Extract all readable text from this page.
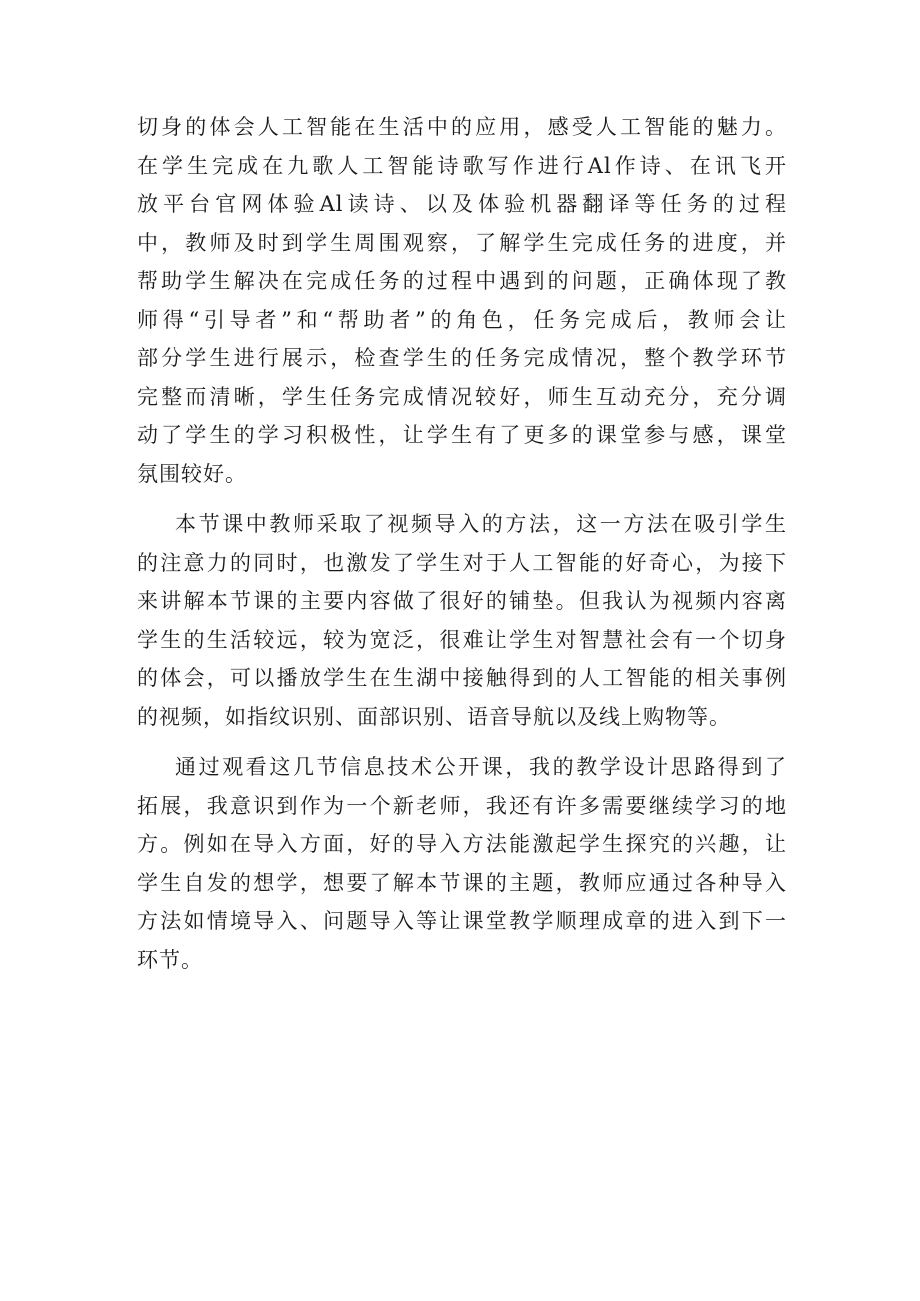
切身的体会人工智能在生活中的应用，感受人工智能的魅力。
在学生完成在九歌人工智能诗歌写作进行Al作诗、在讯飞开
放平台官网体验Al读诗、以及体验机器翻译等任务的过程
中，教师及时到学生周围观察，了解学生完成任务的进度，并
帮助学生解决在完成任务的过程中遇到的问题，正确体现了教
师得“引导者”和“帮助者”的角色，任务完成后，教师会让
部分学生进行展示，检查学生的任务完成情况，整个教学环节
完整而清晰，学生任务完成情况较好，师生互动充分，充分调
动了学生的学习积极性，让学生有了更多的课堂参与感，课堂
氛围较好。
本节课中教师采取了视频导入的方法，这一方法在吸引学生
的注意力的同时，也激发了学生对于人工智能的好奇心，为接下
来讲解本节课的主要内容做了很好的铺垫。但我认为视频内容离
学生的生活较远，较为宽泛，很难让学生对智慧社会有一个切身
的体会，可以播放学生在生湖中接触得到的人工智能的相关事例
的视频，如指纹识别、面部识别、语音导航以及线上购物等。
通过观看这几节信息技术公开课，我的教学设计思路得到了
拓展，我意识到作为一个新老师，我还有许多需要继续学习的地
方。例如在导入方面，好的导入方法能激起学生探究的兴趣，让
学生自发的想学，想要了解本节课的主题，教师应通过各种导入
方法如情境导入、问题导入等让课堂教学顺理成章的进入到下一
环节。
